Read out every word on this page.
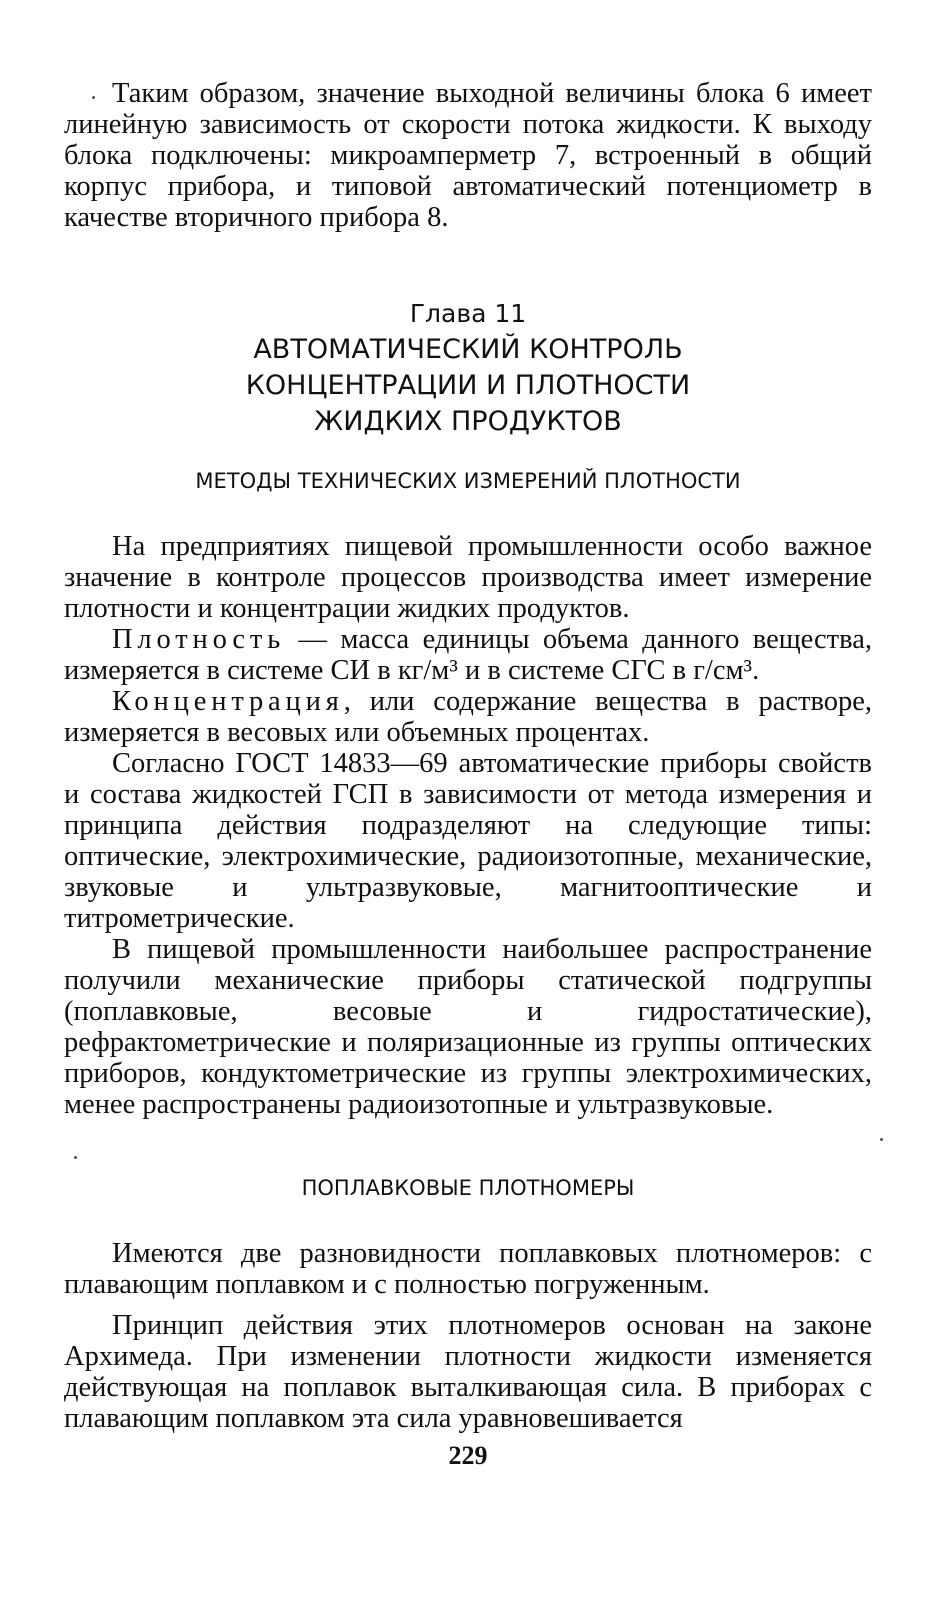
Таким образом, значение выходной величины блока 6 имеет линейную зависимость от скорости потока жидкости. К выходу блока подключены: микроамперметр 7, встроенный в общий корпус прибора, и типовой автоматический потенциометр в качестве вторичного прибора 8.

Глава 11

АВТОМАТИЧЕСКИЙ КОНТРОЛЬ

КОНЦЕНТРАЦИИ И ПЛОТНОСТИ

ЖИДКИХ ПРОДУКТОВ

МЕТОДЫ ТЕХНИЧЕСКИХ ИЗМЕРЕНИЙ ПЛОТНОСТИ

На предприятиях пищевой промышленности особо важное значение в контроле процессов производства имеет измерение плотности и концентрации жидких продуктов.

Плотность — масса единицы объема данного вещества, измеряется в системе СИ в кг/м³ и в системе СГС в г/см³.

Концентрация, или содержание вещества в растворе, измеряется в весовых или объемных процентах.

Согласно ГОСТ 14833—69 автоматические приборы свойств и состава жидкостей ГСП в зависимости от метода измерения и принципа действия подразделяют на следующие типы: оптические, электрохимические, радиоизотопные, механические, звуковые и ультразвуковые, магнитооптические и титрометрические.

В пищевой промышленности наибольшее распространение получили механические приборы статической подгруппы (поплавковые, весовые и гидростатические), рефрактометрические и поляризационные из группы оптических приборов, кондуктометрические из группы электрохимических, менее распространены радиоизотопные и ультразвуковые.

ПОПЛАВКОВЫЕ ПЛОТНОМЕРЫ

Имеются две разновидности поплавковых плотномеров: с плавающим поплавком и с полностью погруженным.

Принцип действия этих плотномеров основан на законе Архимеда. При изменении плотности жидкости изменяется действующая на поплавок выталкивающая сила. В приборах с плавающим поплавком эта сила уравновешивается

229
